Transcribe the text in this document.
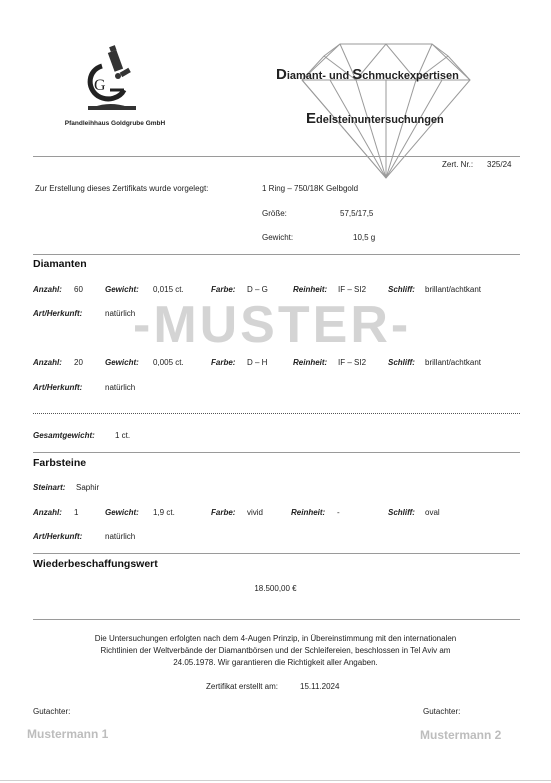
G
Pfandleihhaus Goldgrube GmbH
Diamant- und Schmuckexpertisen
Edelsteinuntersuchungen
Zert. Nr.: 325/24
Zur Erstellung dieses Zertifikats wurde vorgelegt:	1 Ring – 750/18K Gelbgold
Größe:	57,5/17,5
Gewicht:	10,5 g
Diamanten
Anzahl: 60	Gewicht: 0,015 ct.	Farbe: D – G	Reinheit: IF – SI2	Schliff: brillant/achtkant
Art/Herkunft:	natürlich
-MUSTER-
Anzahl: 20	Gewicht: 0,005 ct.	Farbe: D – H	Reinheit: IF – SI2	Schliff: brillant/achtkant
Art/Herkunft:	natürlich
Gesamtgewicht:	1 ct.
Farbsteine
Steinart: Saphir
Anzahl: 1	Gewicht: 1,9 ct.	Farbe: vivid	Reinheit: -	Schliff: oval
Art/Herkunft:	natürlich
Wiederbeschaffungswert
18.500,00 €
Die Untersuchungen erfolgten nach dem 4-Augen Prinzip, in Übereinstimmung mit den internationalen
Richtlinien der Weltverbände der Diamantbörsen und der Schleifereien, beschlossen in Tel Aviv am
24.05.1978. Wir garantieren die Richtigkeit aller Angaben.
Zertifikat erstellt am:	15.11.2024
Gutachter:	Gutachter:
Mustermann 1	Mustermann 2
